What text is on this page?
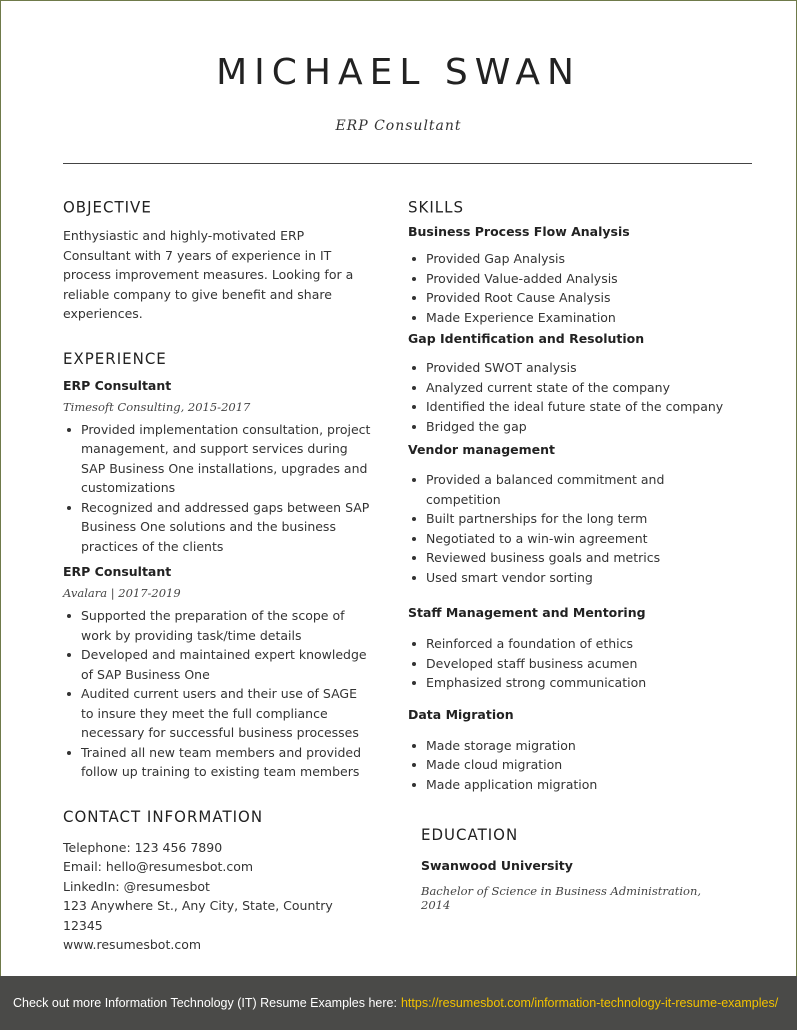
MICHAEL SWAN
ERP Consultant
OBJECTIVE

Enthysiastic and highly-motivated ERP Consultant with 7 years of experience in IT process improvement measures. Looking for a reliable company to give benefit and share experiences.

EXPERIENCE

ERP Consultant

Timesoft Consulting, 2015-2017

Provided implementation consultation, project management, and support services during SAP Business One installations, upgrades and customizations
Recognized and addressed gaps between SAP Business One solutions and the business practices of the clients

ERP Consultant

Avalara | 2017-2019

Supported the preparation of the scope of work by providing task/time details
Developed and maintained expert knowledge of SAP Business One
Audited current users and their use of SAGE to insure they meet the full compliance necessary for successful business processes
Trained all new team members and provided follow up training to existing team members
CONTACT INFORMATION

Telephone: 123 456 7890

Email: hello@resumesbot.com

LinkedIn: @resumesbot

123 Anywhere St., Any City, State, Country 12345

www.resumesbot.com

SKILLS

Business Process Flow Analysis

Provided Gap Analysis
Provided Value-added Analysis
Provided Root Cause Analysis
Made Experience Examination

Gap Identification and Resolution

Provided SWOT analysis
Analyzed current state of the company
Identified the ideal future state of the company
Bridged the gap

Vendor management

Provided a balanced commitment and competition
Built partnerships for the long term
Negotiated to a win-win agreement
Reviewed business goals and metrics
Used smart vendor sorting

Staff Management and Mentoring

Reinforced a foundation of ethics
Developed staff business acumen
Emphasized strong communication

Data Migration

Made storage migration
Made cloud migration
Made application migration
EDUCATION

Swanwood University

Bachelor of Science in Business Administration, 2014

Check out more Information Technology (IT) Resume Examples here: https://resumesbot.com/information-technology-it-resume-examples/
